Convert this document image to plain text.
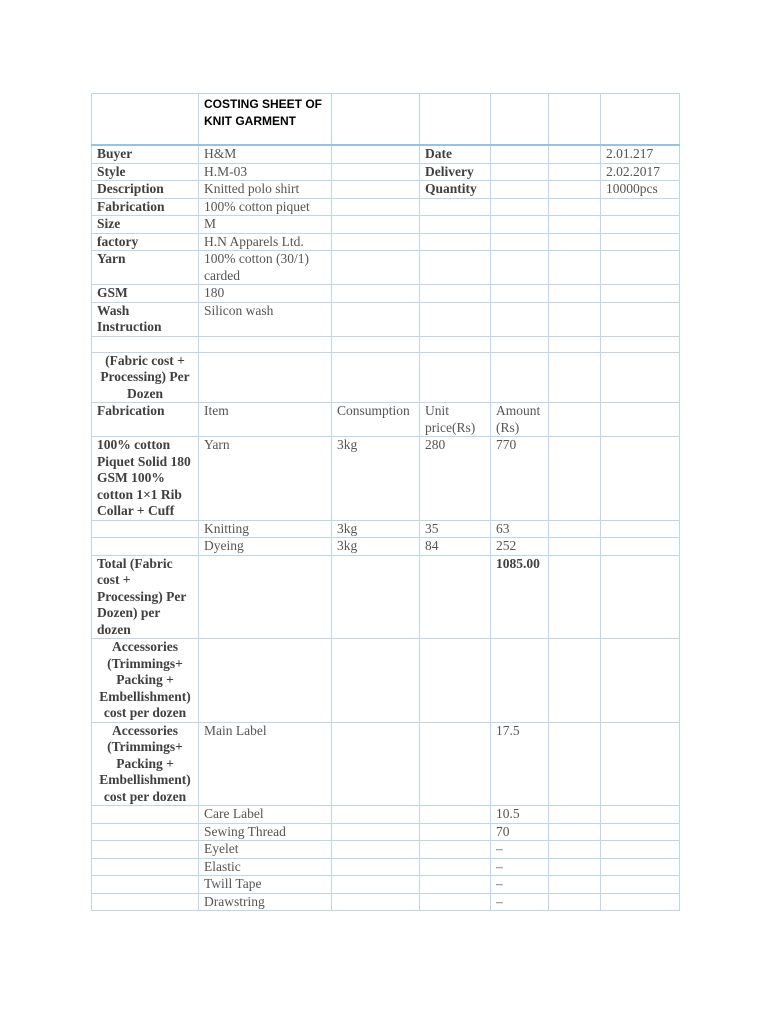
	COSTING SHEET OF KNIT GARMENT					

Buyer	H&M		Date			2.01.217
Style	H.M-03		Delivery			2.02.2017
Description	Knitted polo shirt		Quantity			10000pcs
Fabrication	100% cotton piquet					
Size	M					
factory	H.N Apparels Ltd.					
Yarn	100% cotton (30/1) carded					
GSM	180					
Wash Instruction	Silicon wash					

(Fabric cost + Processing) Per Dozen						
Fabrication	Item	Consumption	Unit price(Rs)	Amount (Rs)		
100% cotton Piquet Solid 180 GSM 100% cotton 1×1 Rib Collar + Cuff	Yarn	3kg	280	770		
	Knitting	3kg	35	63		
	Dyeing	3kg	84	252		
Total (Fabric cost + Processing) Per Dozen) per dozen				1085.00		
Accessories (Trimmings+ Packing + Embellishment) cost per dozen						
Accessories (Trimmings+ Packing + Embellishment) cost per dozen	Main Label			17.5		
	Care Label			10.5		
	Sewing Thread			70		
	Eyelet			–		
	Elastic			–		
	Twill Tape			–		
	Drawstring			–		
